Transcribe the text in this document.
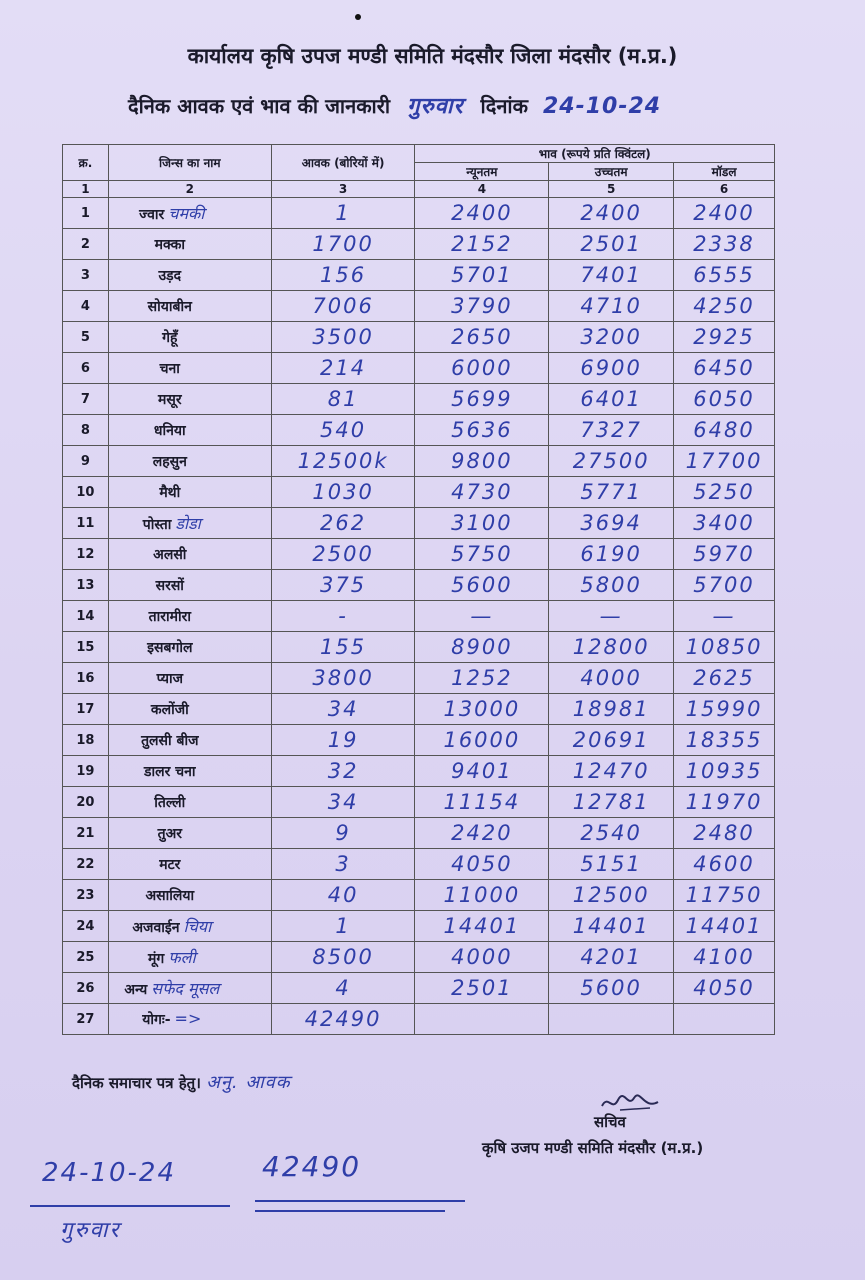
कार्यालय कृषि उपज मण्डी समिति मंदसौर जिला मंदसौर (म.प्र.)
दैनिक आवक एवं भाव की जानकारी गुरुवार दिनांक 24-10-24
क्र.	जिन्स का नाम	आवक (बोरियों में)	भाव (रूपये प्रति क्विंटल)		
			न्यूनतम	उच्चतम	मॉडल
1	2	3	4	5	6
1	ज्वार चमकी	1	2400	2400	2400
2	मक्का	1700	2152	2501	2338
3	उड़द	156	5701	7401	6555
4	सोयाबीन	7006	3790	4710	4250
5	गेहूँ	3500	2650	3200	2925
6	चना	214	6000	6900	6450
7	मसूर	81	5699	6401	6050
8	धनिया	540	5636	7327	6480
9	लहसुन	12500k	9800	27500	17700
10	मैथी	1030	4730	5771	5250
11	पोस्ता डोडा	262	3100	3694	3400
12	अलसी	2500	5750	6190	5970
13	सरसों	375	5600	5800	5700
14	तारामीरा	-	—	—	—
15	इसबगोल	155	8900	12800	10850
16	प्याज	3800	1252	4000	2625
17	कलोंजी	34	13000	18981	15990
18	तुलसी बीज	19	16000	20691	18355
19	डालर चना	32	9401	12470	10935
20	तिल्ली	34	11154	12781	11970
21	तुअर	9	2420	2540	2480
22	मटर	3	4050	5151	4600
23	असालिया	40	11000	12500	11750
24	अजवाईन चिया	1	14401	14401	14401
25	मूंग फली	8500	4000	4201	4100
26	अन्य सफेद मूसल	4	2501	5600	4050
27	योगः- =>	42490			
दैनिक समाचार पत्र हेतु। अनु. आवक
सचिव
कृषि उजप मण्डी समिति मंदसौर (म.प्र.)
24-10-24	42490
गुरुवार
